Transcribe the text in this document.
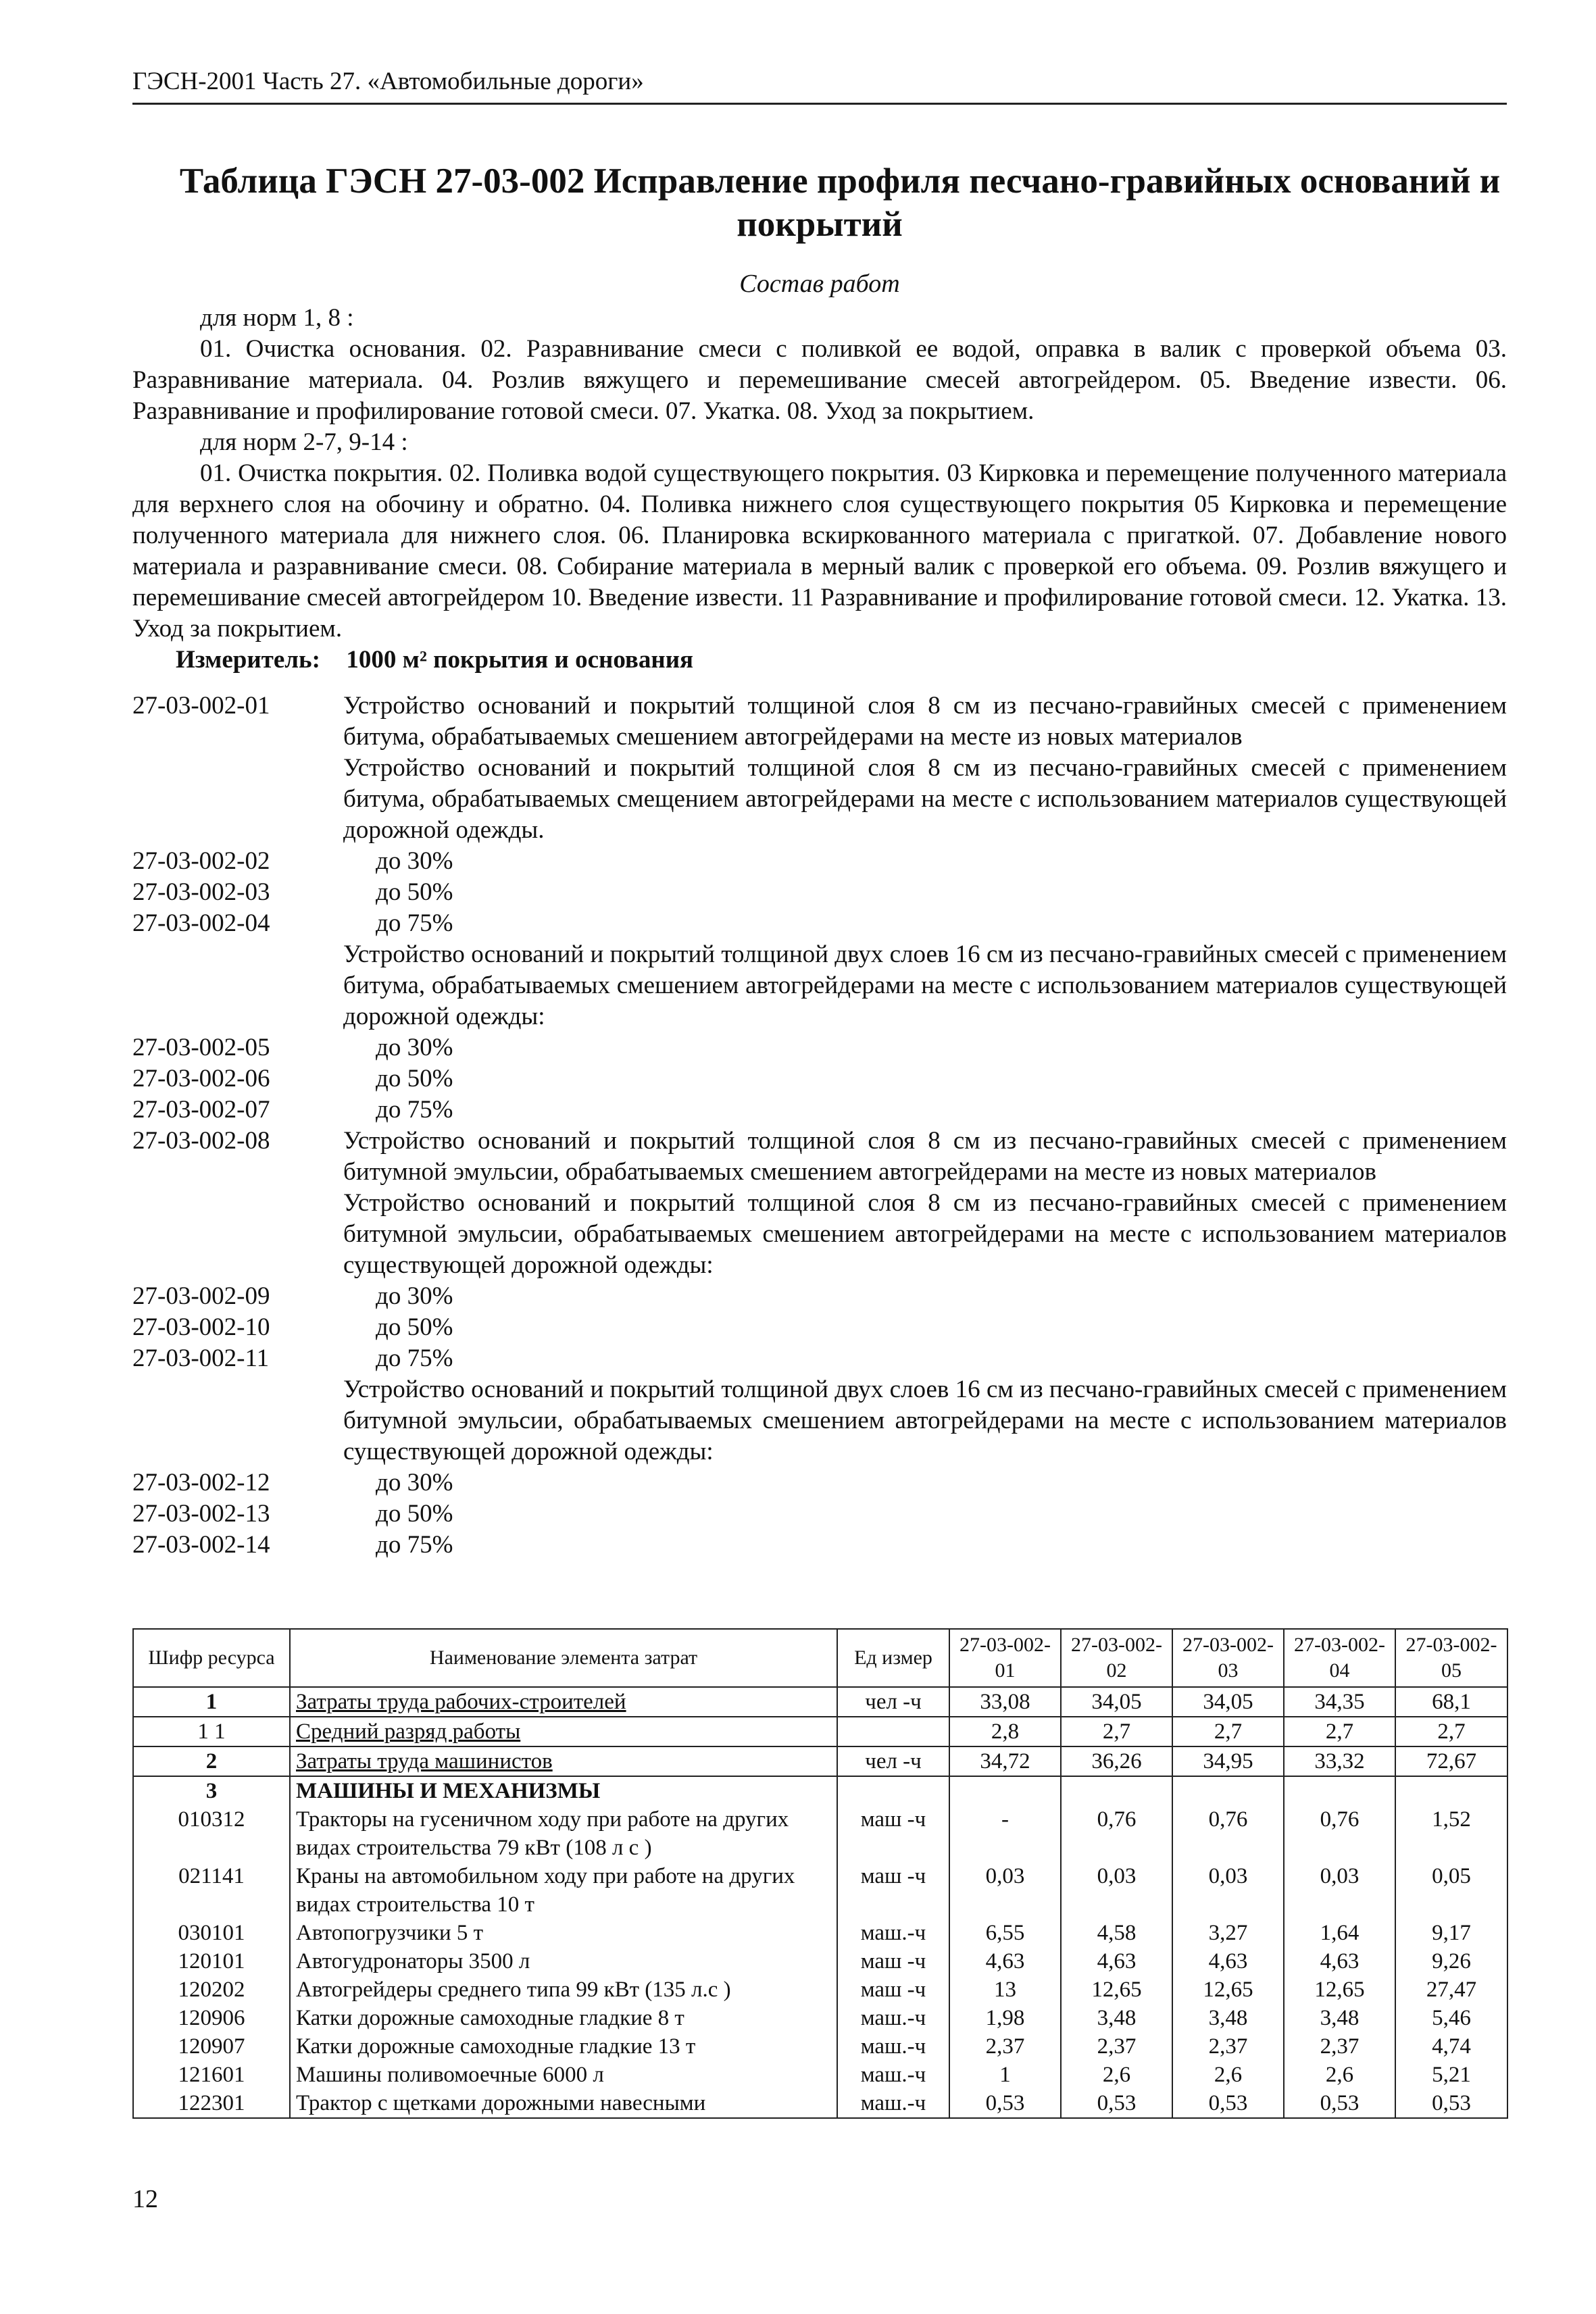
ГЭСН-2001 Часть 27. «Автомобильные дороги»
Таблица ГЭСН 27-03-002 Исправление профиля песчано-гравийных оснований и покрытий
Состав работ
для норм 1, 8 :
01. Очистка основания. 02. Разравнивание смеси с поливкой ее водой, оправка в валик с проверкой объема 03. Разравнивание материала. 04. Розлив вяжущего и перемешивание смесей автогрейдером. 05. Введение извести. 06. Разравнивание и профилирование готовой смеси. 07. Укатка. 08. Уход за покрытием.
для норм 2-7, 9-14 :
01. Очистка покрытия. 02. Поливка водой существующего покрытия. 03 Кирковка и перемещение полученного материала для верхнего слоя на обочину и обратно. 04. Поливка нижнего слоя существующего покрытия 05 Кирковка и перемещение полученного материала для нижнего слоя. 06. Планировка вскиркованного материала с пригаткой. 07. Добавление нового материала и разравнивание смеси. 08. Собирание материала в мерный валик с проверкой его объема. 09. Розлив вяжущего и перемешивание смесей автогрейдером 10. Введение извести. 11 Разравнивание и профилирование готовой смеси. 12. Укатка. 13. Уход за покрытием.
Измеритель: 1000 м² покрытия и основания
27-03-002-01	Устройство оснований и покрытий толщиной слоя 8 см из песчано-гравийных смесей с применением битума, обрабатываемых смешением автогрейдерами на месте из новых материалов
Устройство оснований и покрытий толщиной слоя 8 см из песчано-гравийных смесей с применением битума, обрабатываемых смещением автогрейдерами на месте с использованием материалов существующей дорожной одежды.
27-03-002-02	до 30%
27-03-002-03	до 50%
27-03-002-04	до 75%
Устройство оснований и покрытий толщиной двух слоев 16 см из песчано-гравийных смесей с применением битума, обрабатываемых смешением автогрейдерами на месте с использованием материалов существующей дорожной одежды:
27-03-002-05	до 30%
27-03-002-06	до 50%
27-03-002-07	до 75%
27-03-002-08	Устройство оснований и покрытий толщиной слоя 8 см из песчано-гравийных смесей с применением битумной эмульсии, обрабатываемых смешением автогрейдерами на месте из новых материалов
Устройство оснований и покрытий толщиной слоя 8 см из песчано-гравийных смесей с применением битумной эмульсии, обрабатываемых смешением автогрейдерами на месте с использованием материалов существующей дорожной одежды:
27-03-002-09	до 30%
27-03-002-10	до 50%
27-03-002-11	до 75%
Устройство оснований и покрытий толщиной двух слоев 16 см из песчано-гравийных смесей с применением битумной эмульсии, обрабатываемых смешением автогрейдерами на месте с использованием материалов существующей дорожной одежды:
27-03-002-12	до 30%
27-03-002-13	до 50%
27-03-002-14	до 75%
Шифр ресурса	Наименование элемента затрат	Ед измер	27-03-002-01	27-03-002-02	27-03-002-03	27-03-002-04	27-03-002-05
1	Затраты труда рабочих-строителей	чел -ч	33,08	34,05	34,05	34,35	68,1
1 1	Средний разряд работы		2,8	2,7	2,7	2,7	2,7
2	Затраты труда машинистов	чел -ч	34,72	36,26	34,95	33,32	72,67
3	МАШИНЫ И МЕХАНИЗМЫ						
010312	Тракторы на гусеничном ходу при работе на других видах строительства 79 кВт (108 л с )	маш -ч	-	0,76	0,76	0,76	1,52
021141	Краны на автомобильном ходу при работе на других видах строительства 10 т	маш -ч	0,03	0,03	0,03	0,03	0,05
030101	Автопогрузчики 5 т	маш.-ч	6,55	4,58	3,27	1,64	9,17
120101	Автогудронаторы 3500 л	маш -ч	4,63	4,63	4,63	4,63	9,26
120202	Автогрейдеры среднего типа 99 кВт (135 л.с )	маш -ч	13	12,65	12,65	12,65	27,47
120906	Катки дорожные самоходные гладкие 8 т	маш.-ч	1,98	3,48	3,48	3,48	5,46
120907	Катки дорожные самоходные гладкие 13 т	маш.-ч	2,37	2,37	2,37	2,37	4,74
121601	Машины поливомоечные 6000 л	маш.-ч	1	2,6	2,6	2,6	5,21
122301	Трактор с щетками дорожными навесными	маш.-ч	0,53	0,53	0,53	0,53	0,53
12
